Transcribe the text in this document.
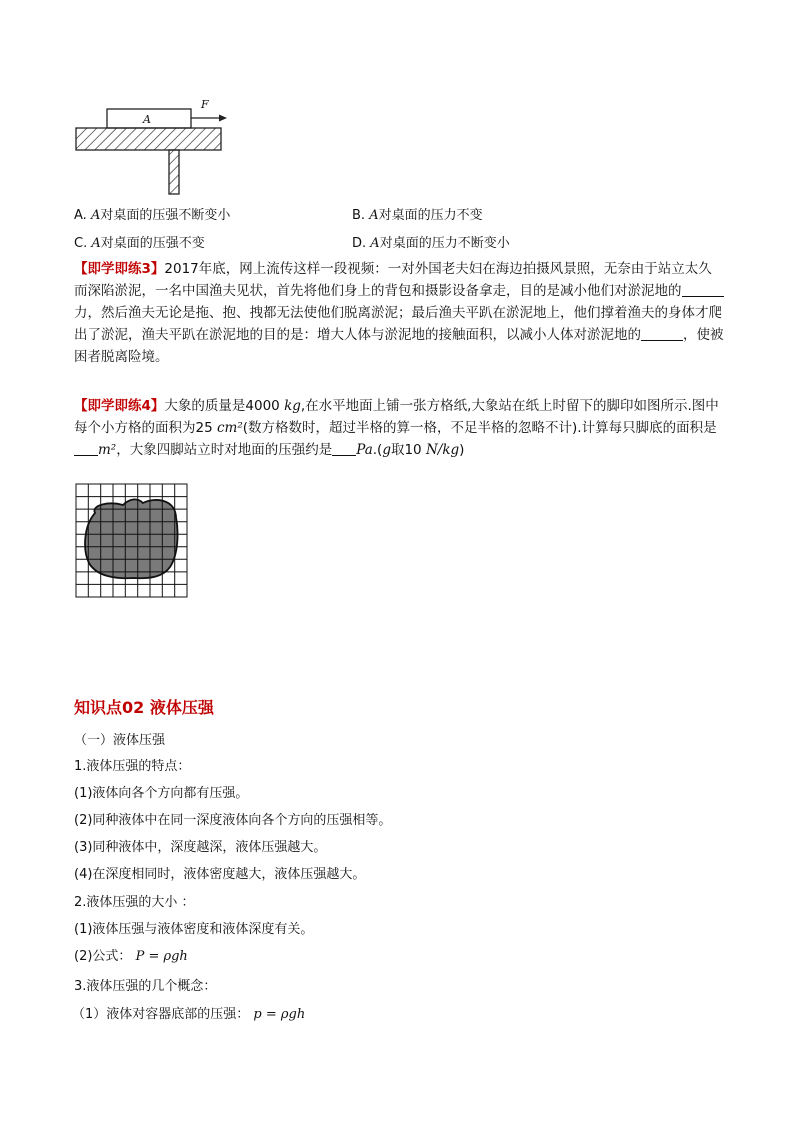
A
F
A. A对桌面的压强不断变小	B. A对桌面的压力不变
C. A对桌面的压强不变	D. A对桌面的压力不断变小
【即学即练3】2017年底，网上流传这样一段视频：一对外国老夫妇在海边拍摄风景照，无奈由于站立太久而深陷淤泥，一名中国渔夫见状，首先将他们身上的背包和摄影设备拿走，目的是减小他们对淤泥地的力，然后渔夫无论是拖、抱、拽都无法使他们脱离淤泥；最后渔夫平趴在淤泥地上，他们撑着渔夫的身体才爬出了淤泥，渔夫平趴在淤泥地的目的是：增大人体与淤泥地的接触面积，以减小人体对淤泥地的	，使被困者脱离险境。
【即学即练4】大象的质量是4000 kg,在水平地面上铺一张方格纸,大象站在纸上时留下的脚印如图所示.图中每个小方格的面积为25 cm²(数方格数时，超过半格的算一格，不足半格的忽略不计).计算每只脚底的面积是m²，大象四脚站立时对地面的压强约是 Pa.(g取10 N/kg)
知识点02 液体压强
（一）液体压强
1.液体压强的特点：
(1)液体向各个方向都有压强。
(2)同种液体中在同一深度液体向各个方向的压强相等。
(3)同种液体中，深度越深，液体压强越大。
(4)在深度相同时，液体密度越大，液体压强越大。
2.液体压强的大小 ：
(1)液体压强与液体密度和液体深度有关。
(2)公式： P = ρgh
3.液体压强的几个概念：
（1）液体对容器底部的压强： p = ρgh
